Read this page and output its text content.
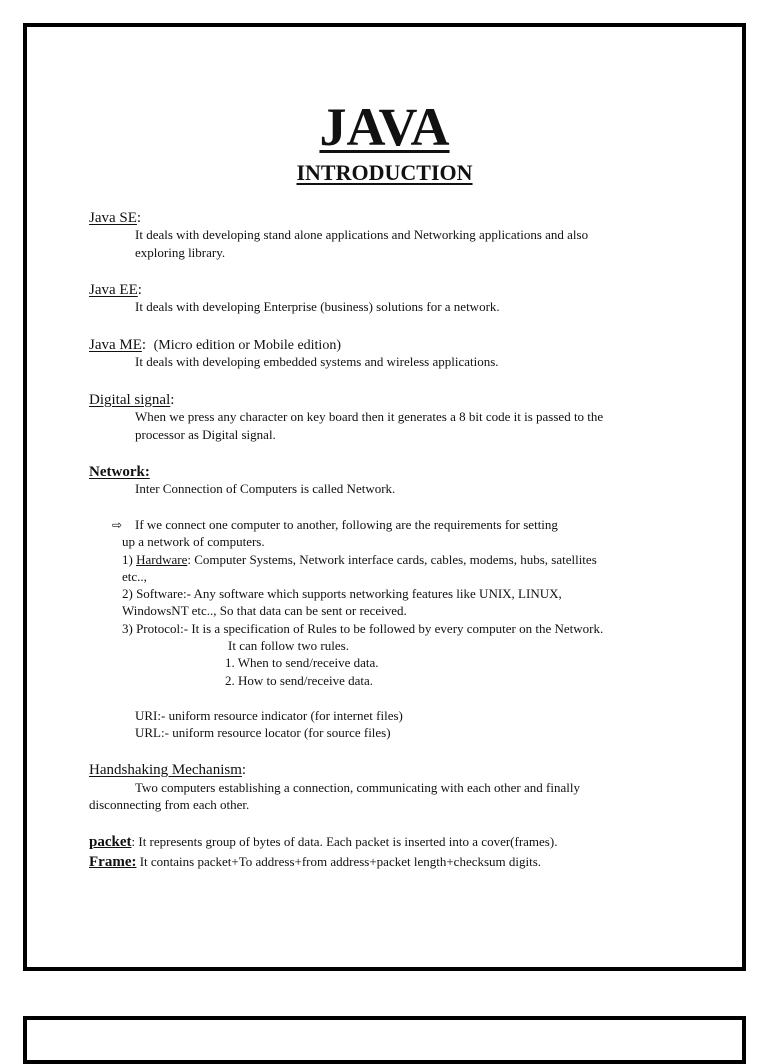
JAVA
INTRODUCTION
Java SE:
It deals with developing stand alone applications and Networking applications and also
exploring library.
Java EE:
It deals with developing Enterprise (business) solutions for a network.
Java ME: (Micro edition or Mobile edition)
It deals with developing embedded systems and wireless applications.
Digital signal:
When we press any character on key board then it generates a 8 bit code it is passed to the
processor as Digital signal.
Network:
Inter Connection of Computers is called Network.
⇨ If we connect one computer to another, following are the requirements for setting
up a network of computers.
1) Hardware: Computer Systems, Network interface cards, cables, modems, hubs, satellites
etc..,
2) Software:- Any software which supports networking features like UNIX, LINUX,
WindowsNT etc.., So that data can be sent or received.
3) Protocol:- It is a specification of Rules to be followed by every computer on the Network.
It can follow two rules.
1. When to send/receive data.
2. How to send/receive data.
URI:- uniform resource indicator (for internet files)
URL:- uniform resource locator (for source files)
Handshaking Mechanism:
Two computers establishing a connection, communicating with each other and finally
disconnecting from each other.
packet: It represents group of bytes of data. Each packet is inserted into a cover(frames).
Frame: It contains packet+To address+from address+packet length+checksum digits.
